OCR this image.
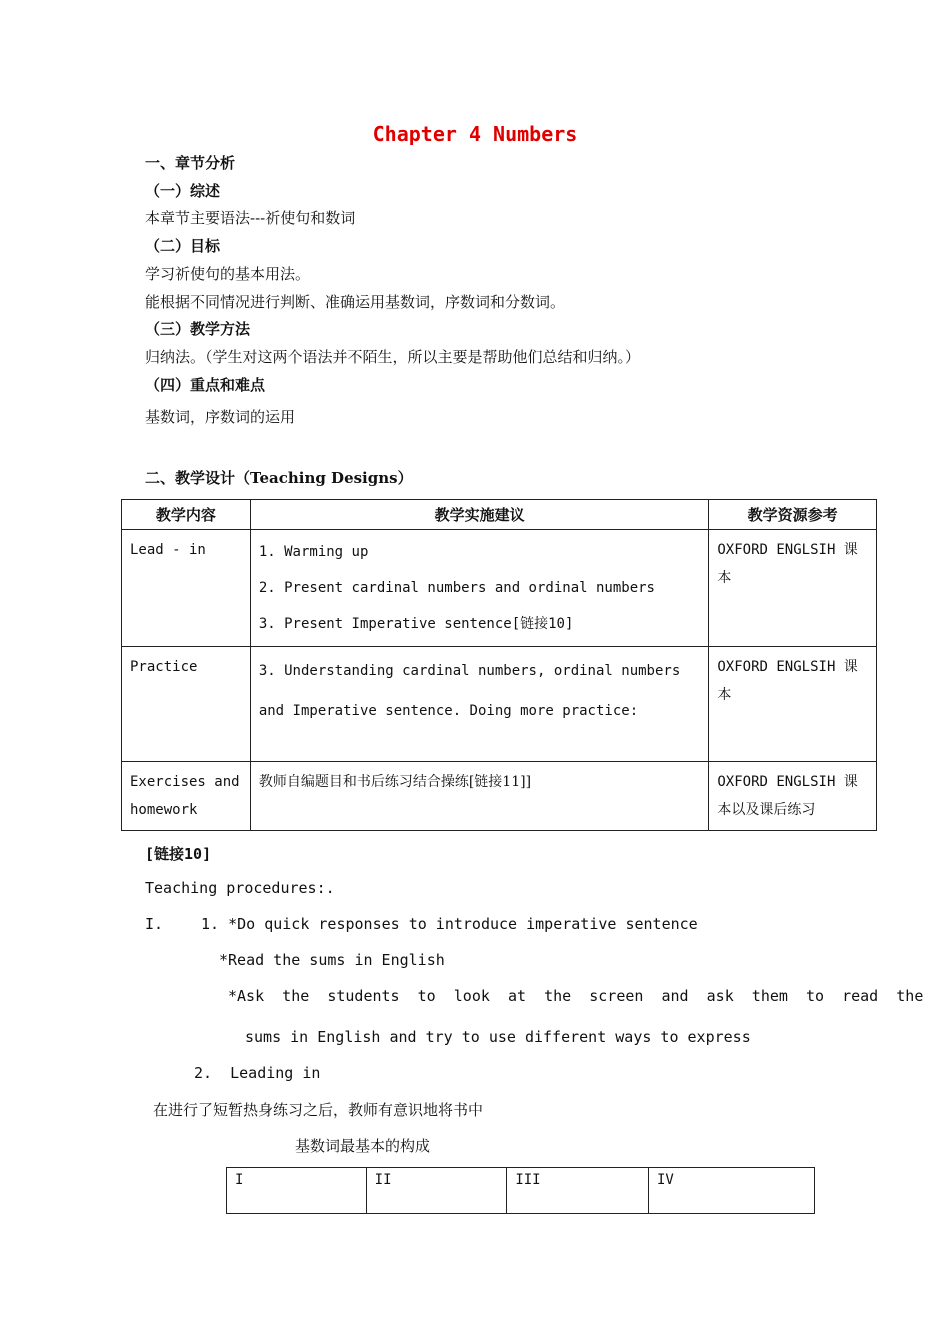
Chapter 4 Numbers
一、章节分析
（一）综述
本章节主要语法---祈使句和数词
（二）目标
学习祈使句的基本用法。
能根据不同情况进行判断、准确运用基数词，序数词和分数词。
（三）教学方法
归纳法。（学生对这两个语法并不陌生，所以主要是帮助他们总结和归纳。）
（四）重点和难点
基数词，序数词的运用
二、教学设计（Teaching Designs）
教学内容	教学实施建议	教学资源参考
Lead - in	1. Warming up
2. Present cardinal numbers and ordinal numbers
3. Present Imperative sentence[链接10]	OXFORD ENGLSIH 课本
Practice	3. Understanding cardinal numbers, ordinal numbers
and Imperative sentence. Doing more practice:	OXFORD ENGLSIH 课本
Exercises and homework	教师自编题目和书后练习结合操练[链接11]]	OXFORD ENGLSIH 课本以及课后练习
[链接10]
Teaching procedures:.
I.	1. *Do quick responses to introduce imperative sentence
*Read the sums in English
*Ask  the  students  to  look  at  the  screen  and  ask  them  to  read  the
sums in English and try to use different ways to express
2.  Leading in
在进行了短暂热身练习之后，教师有意识地将书中
基数词最基本的构成
I	II	III	IV
